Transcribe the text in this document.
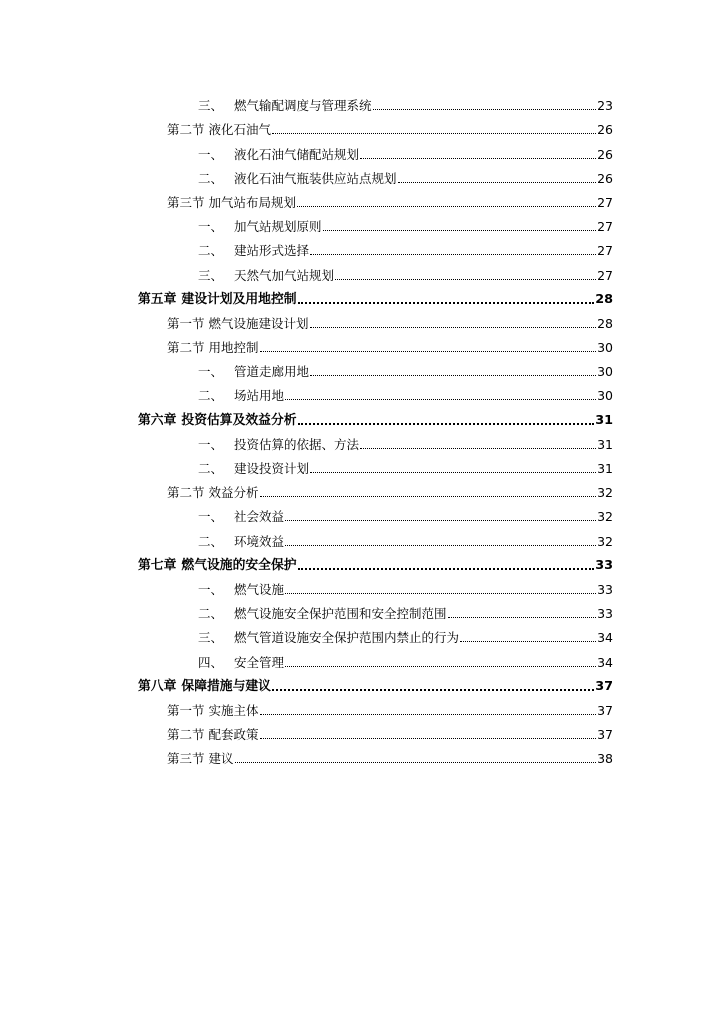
三、 燃气输配调度与管理系统	23
第二节 液化石油气	26
一、 液化石油气储配站规划	26
二、 液化石油气瓶装供应站点规划	26
第三节 加气站布局规划	27
一、 加气站规划原则	27
二、 建站形式选择	27
三、 天然气加气站规划	27
第五章 建设计划及用地控制	28
第一节 燃气设施建设计划	28
第二节 用地控制	30
一、 管道走廊用地	30
二、 场站用地	30
第六章 投资估算及效益分析	31
一、 投资估算的依据、方法	31
二、 建设投资计划	31
第二节 效益分析	32
一、 社会效益	32
二、 环境效益	32
第七章 燃气设施的安全保护	33
一、 燃气设施	33
二、 燃气设施安全保护范围和安全控制范围	33
三、 燃气管道设施安全保护范围内禁止的行为	34
四、 安全管理	34
第八章 保障措施与建议	37
第一节 实施主体	37
第二节 配套政策	37
第三节 建议	38
